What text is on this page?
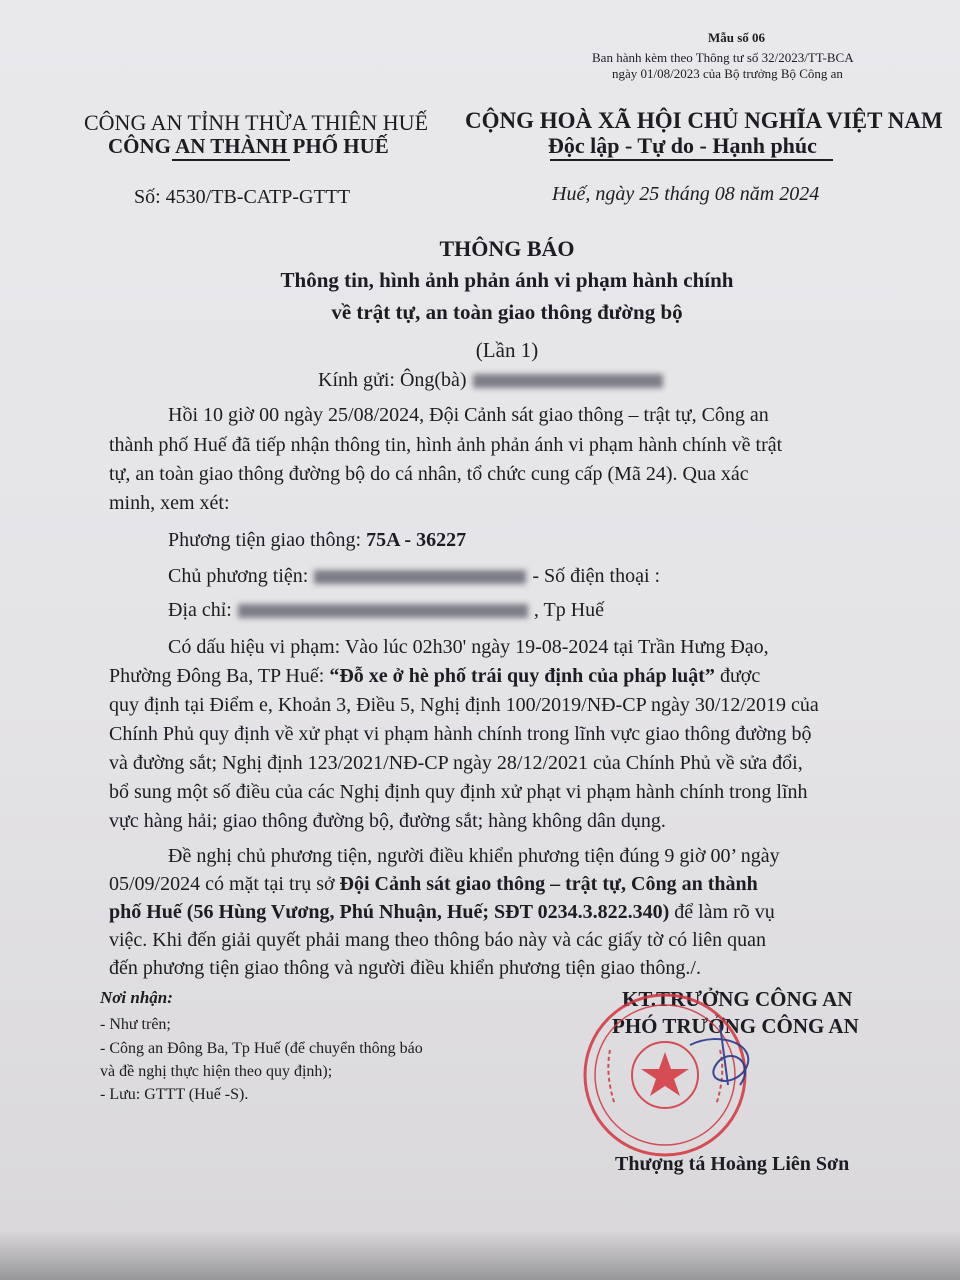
Mẫu số 06
Ban hành kèm theo Thông tư số 32/2023/TT-BCA
ngày 01/08/2023 của Bộ trưởng Bộ Công an
CÔNG AN TỈNH THỪA THIÊN HUẾ
CÔNG AN THÀNH PHỐ HUẾ
CỘNG HOÀ XÃ HỘI CHỦ NGHĨA VIỆT NAM
Độc lập - Tự do - Hạnh phúc
Số: 4530/TB-CATP-GTTT	Huế, ngày 25 tháng 08 năm 2024
THÔNG BÁO
Thông tin, hình ảnh phản ánh vi phạm hành chính
về trật tự, an toàn giao thông đường bộ
(Lần 1)
Kính gửi: Ông(bà)
Hồi 10 giờ 00 ngày 25/08/2024, Đội Cảnh sát giao thông – trật tự, Công an
thành phố Huế đã tiếp nhận thông tin, hình ảnh phản ánh vi phạm hành chính về trật
tự, an toàn giao thông đường bộ do cá nhân, tổ chức cung cấp (Mã 24). Qua xác
minh, xem xét:
Phương tiện giao thông: 75A - 36227
Chủ phương tiện:	- Số điện thoại :
Địa chỉ:	, Tp Huế
Có dấu hiệu vi phạm: Vào lúc 02h30' ngày 19-08-2024 tại Trần Hưng Đạo,
Phường Đông Ba, TP Huế: “Đỗ xe ở hè phố trái quy định của pháp luật” được
quy định tại Điểm e, Khoản 3, Điều 5, Nghị định 100/2019/NĐ-CP ngày 30/12/2019 của
Chính Phủ quy định về xử phạt vi phạm hành chính trong lĩnh vực giao thông đường bộ
và đường sắt; Nghị định 123/2021/NĐ-CP ngày 28/12/2021 của Chính Phủ về sửa đổi,
bổ sung một số điều của các Nghị định quy định xử phạt vi phạm hành chính trong lĩnh
vực hàng hải; giao thông đường bộ, đường sắt; hàng không dân dụng.
Đề nghị chủ phương tiện, người điều khiển phương tiện đúng 9 giờ 00’ ngày
05/09/2024 có mặt tại trụ sở Đội Cảnh sát giao thông – trật tự, Công an thành
phố Huế (56 Hùng Vương, Phú Nhuận, Huế; SĐT 0234.3.822.340) để làm rõ vụ
việc. Khi đến giải quyết phải mang theo thông báo này và các giấy tờ có liên quan
đến phương tiện giao thông và người điều khiển phương tiện giao thông./.
Nơi nhận:
- Như trên;
- Công an Đông Ba, Tp Huế (để chuyển thông báo
và đề nghị thực hiện theo quy định);
- Lưu: GTTT (Huế -S).
KT.TRƯỞNG CÔNG AN
PHÓ TRƯỞNG CÔNG AN
Thượng tá Hoàng Liên Sơn
